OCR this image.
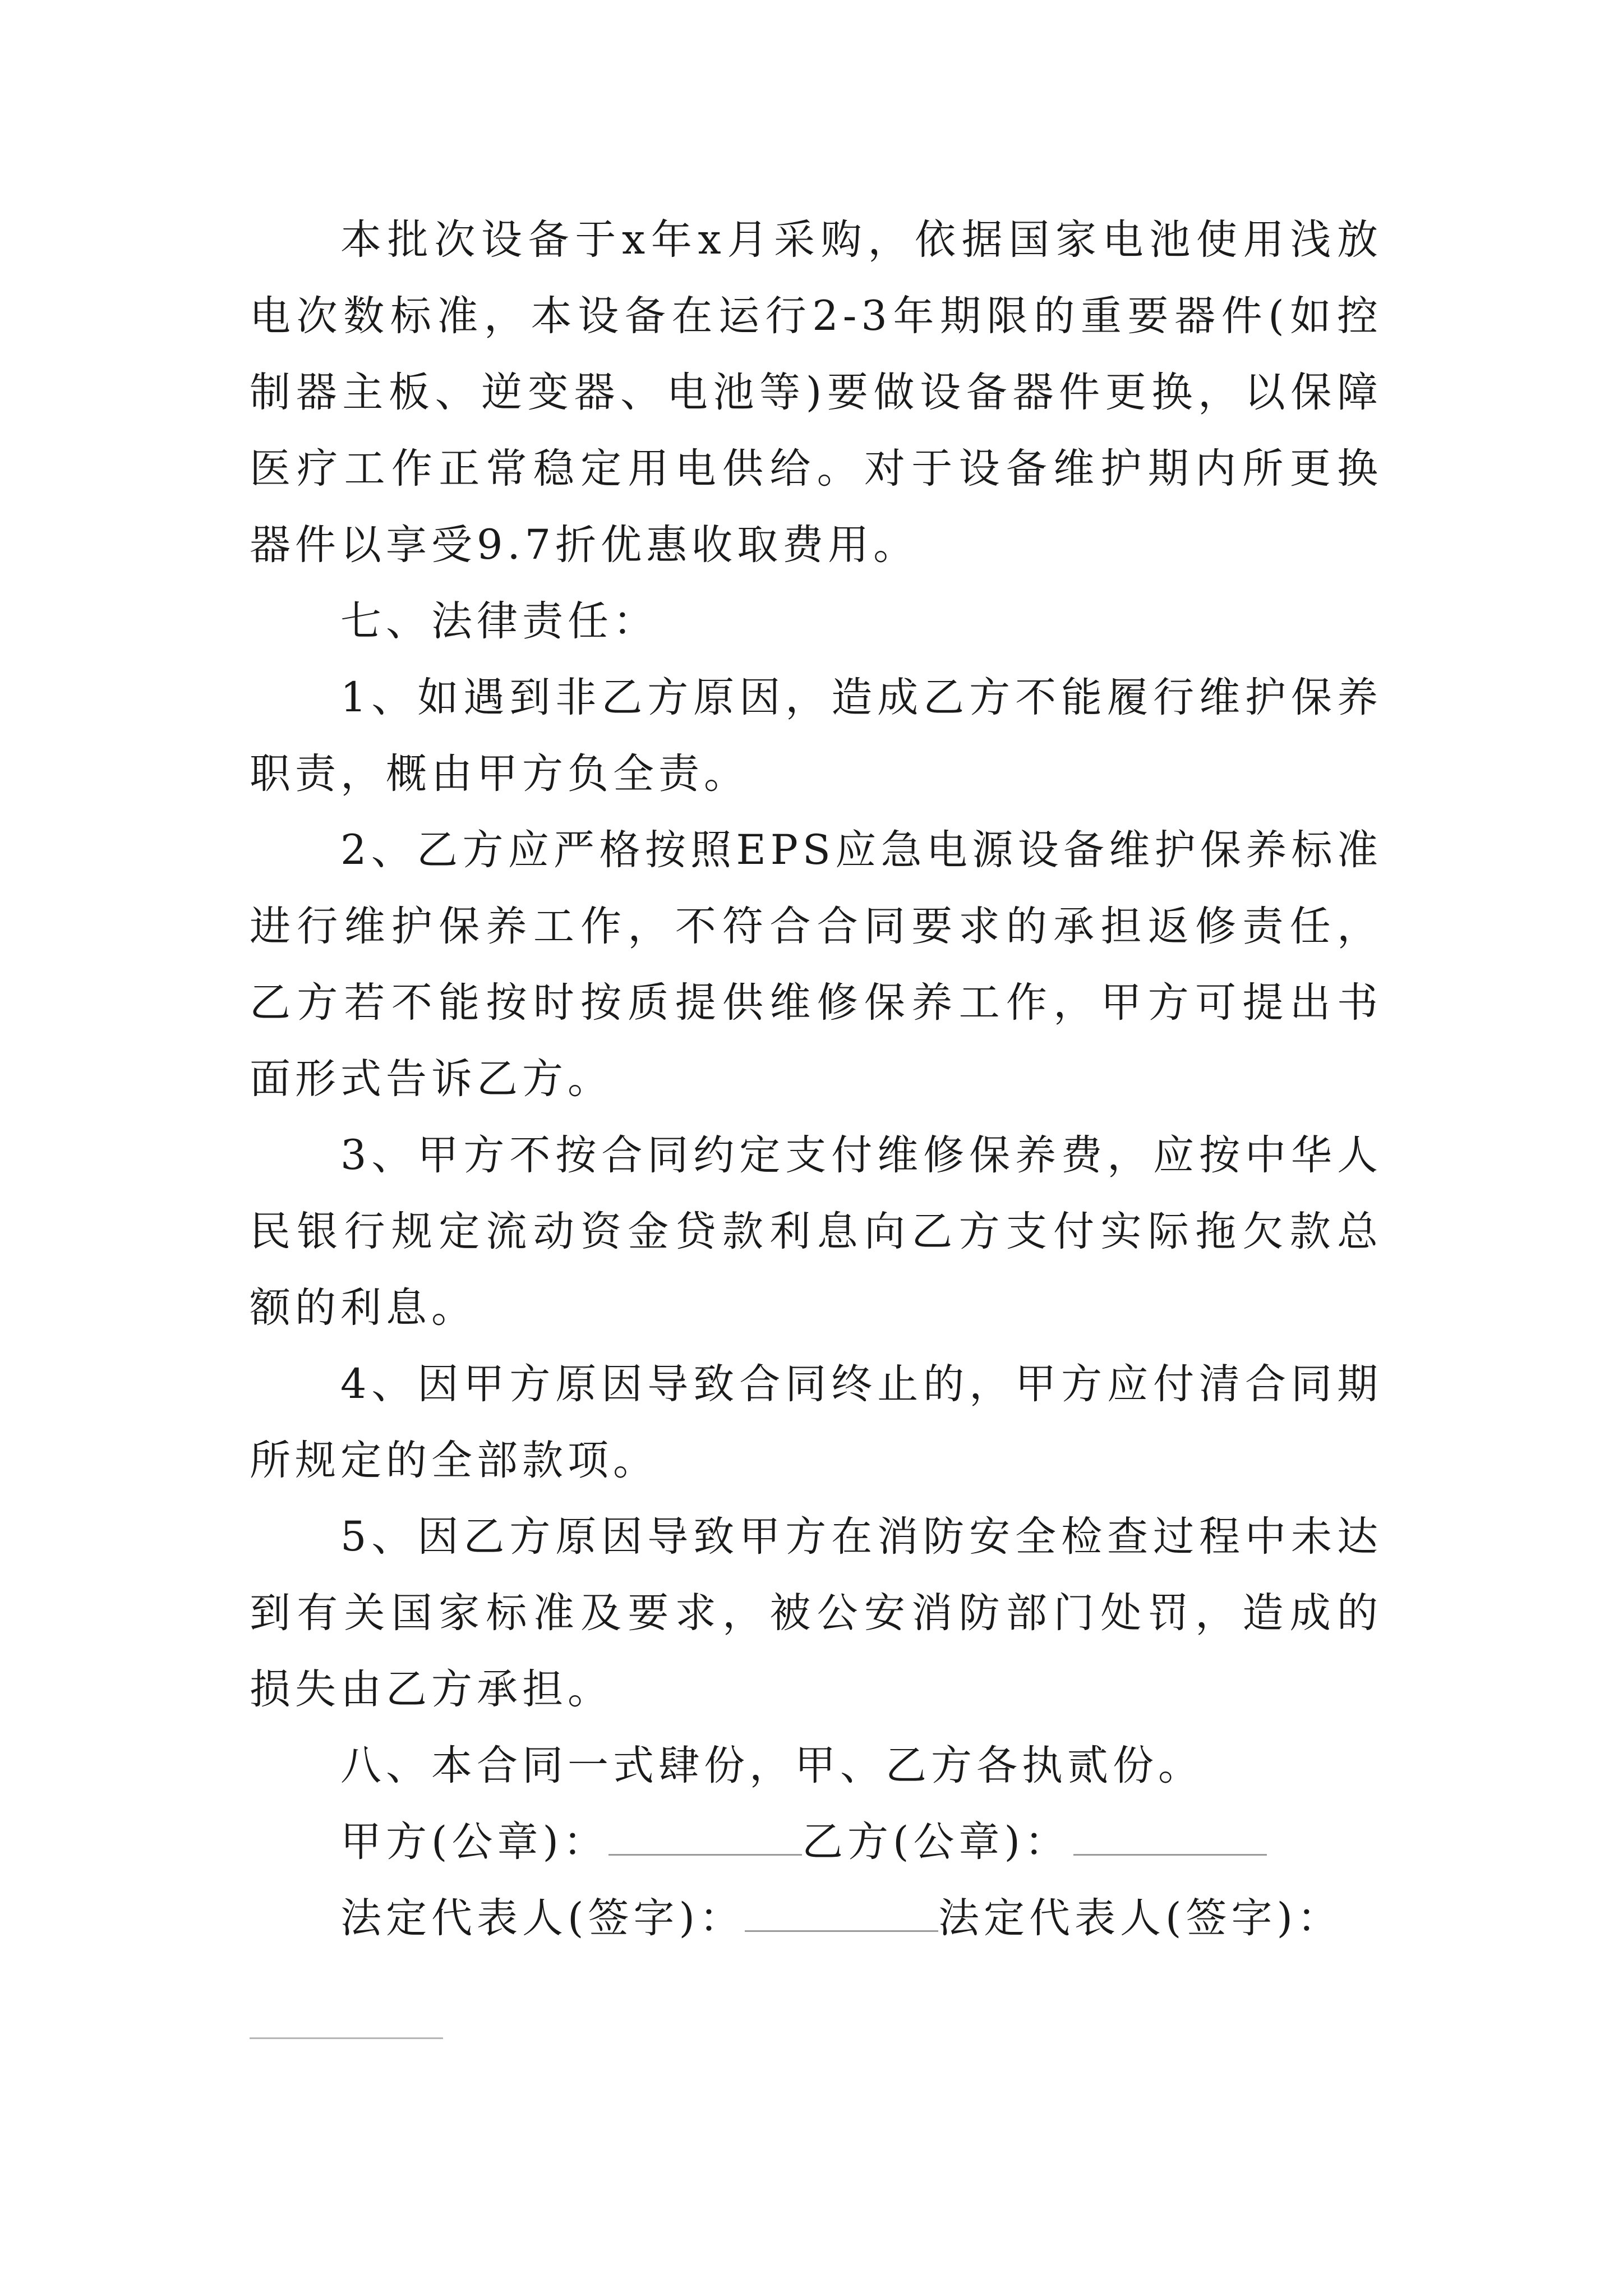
本批次设备于x年x月采购，依据国家电池使用浅放电次数标准，本设备在运行2-3年期限的重要器件(如控制器主板、逆变器、电池等)要做设备器件更换，以保障医疗工作正常稳定用电供给。对于设备维护期内所更换器件以享受9.7折优惠收取费用。

七、法律责任：

1、如遇到非乙方原因，造成乙方不能履行维护保养职责，概由甲方负全责。

2、乙方应严格按照EPS应急电源设备维护保养标准进行维护保养工作，不符合合同要求的承担返修责任，乙方若不能按时按质提供维修保养工作，甲方可提出书面形式告诉乙方。

3、甲方不按合同约定支付维修保养费，应按中华人民银行规定流动资金贷款利息向乙方支付实际拖欠款总额的利息。

4、因甲方原因导致合同终止的，甲方应付清合同期所规定的全部款项。

5、因乙方原因导致甲方在消防安全检查过程中未达到有关国家标准及要求，被公安消防部门处罚，造成的损失由乙方承担。

八、本合同一式肆份，甲、乙方各执贰份。

甲方(公章)：	乙方(公章)：

法定代表人(签字)：	法定代表人(签字)：
